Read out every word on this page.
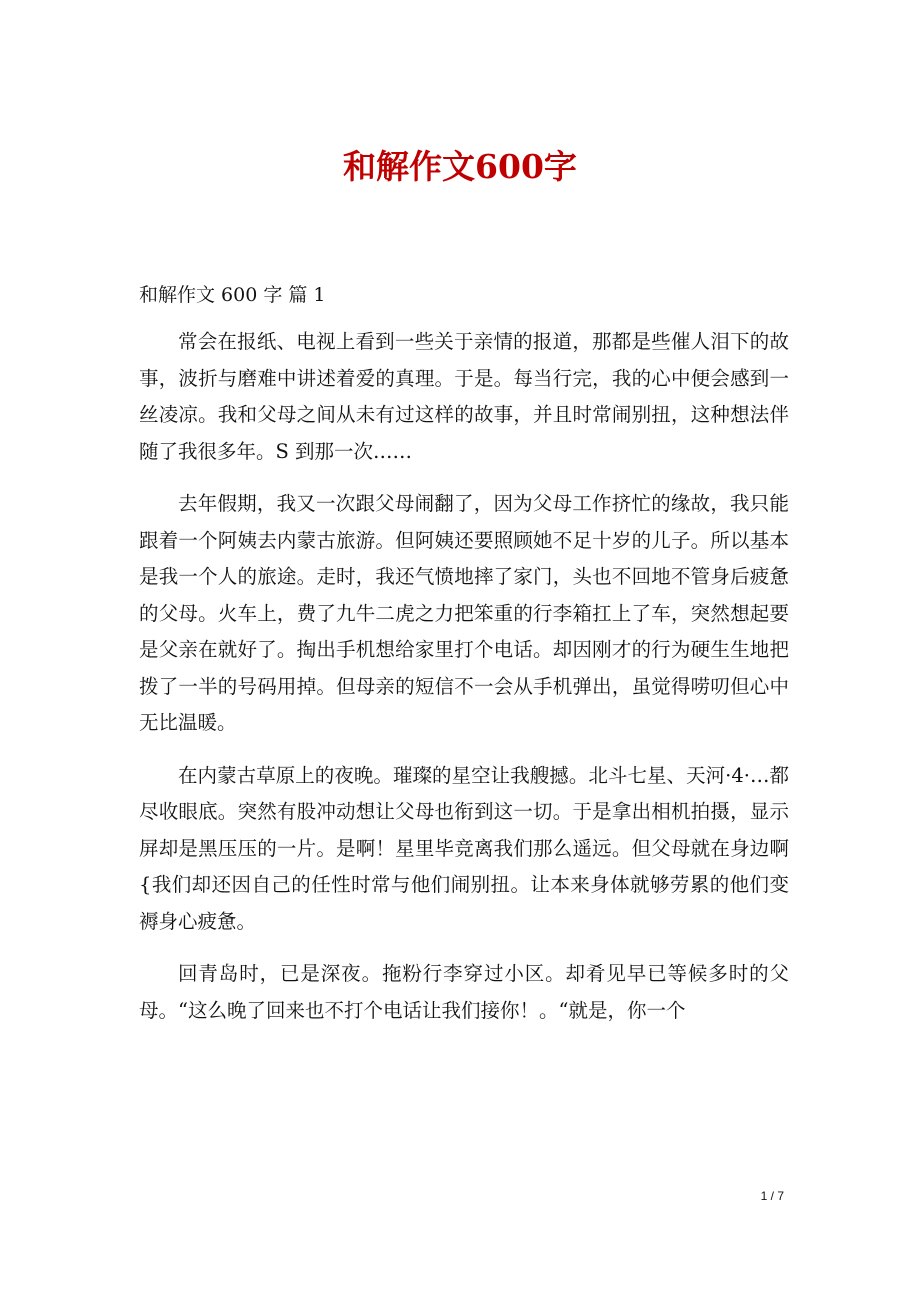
和解作文600字
和解作文 600 字 篇 1

常会在报纸、电视上看到一些关于亲情的报道，那都是些催人泪下的故事，波折与磨难中讲述着爱的真理。于是。每当行完，我的心中便会感到一丝凌凉。我和父母之间从未有过这样的故事，并且时常闹别扭，这种想法伴随了我很多年。S 到那一次……

去年假期，我又一次跟父母闹翻了，因为父母工作挤忙的缘故，我只能跟着一个阿姨去内蒙古旅游。但阿姨还要照顾她不足十岁的儿子。所以基本是我一个人的旅途。走时，我还气愤地摔了家门，头也不回地不管身后疲惫的父母。火车上，费了九牛二虎之力把笨重的行李箱扛上了车，突然想起要是父亲在就好了。掏出手机想给家里打个电话。却因刚才的行为硬生生地把拨了一半的号码用掉。但母亲的短信不一会从手机弹出，虽觉得唠叨但心中无比温暖。

在内蒙古草原上的夜晚。璀璨的星空让我艘撼。北斗七星、天河·4·…都尽收眼底。突然有股冲动想让父母也衔到这一切。于是拿出相机拍摄，显示屏却是黑压压的一片。是啊！星里毕竞离我们那么遥远。但父母就在身边啊{我们却还因自己的任性时常与他们闹别扭。让本来身体就够劳累的他们变褥身心疲惫。

回青岛时，已是深夜。拖粉行李穿过小区。却肴见早已等候多时的父母。“这么晚了回来也不打个电话让我们接你！。“就是，你一个

1 / 7
